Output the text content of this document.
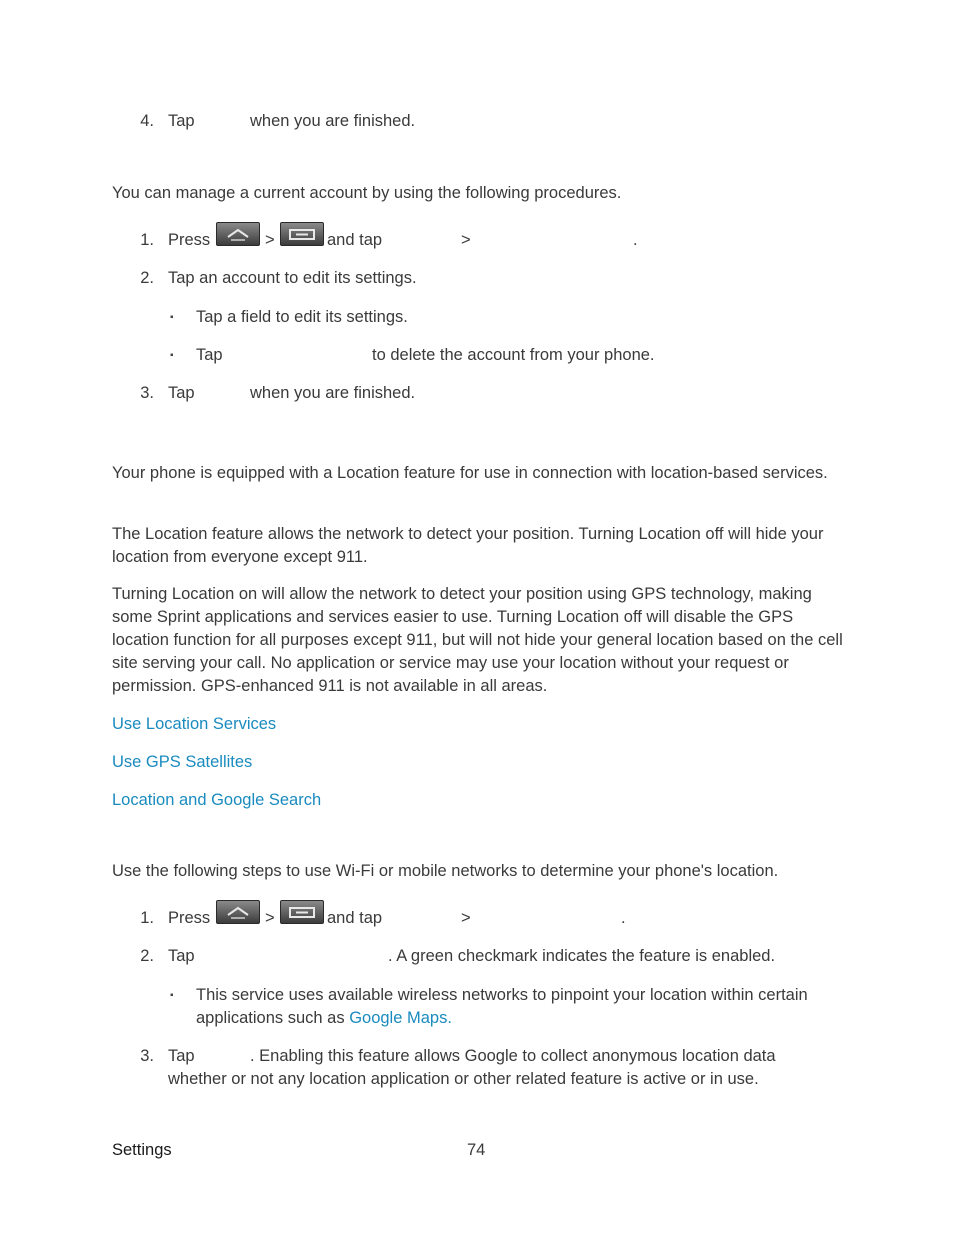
4. Tap	when you are finished.
You can manage a current account by using the following procedures.
1. Press	>	and tap	>	.
2. Tap an account to edit its settings.
▪ Tap a field to edit its settings.
▪ Tap	to delete the account from your phone.
3. Tap	when you are finished.
Your phone is equipped with a Location feature for use in connection with location-based services.
The Location feature allows the network to detect your position. Turning Location off will hide your location from everyone except 911.
Turning Location on will allow the network to detect your position using GPS technology, making some Sprint applications and services easier to use. Turning Location off will disable the GPS location function for all purposes except 911, but will not hide your general location based on the cell site serving your call. No application or service may use your location without your request or permission. GPS-enhanced 911 is not available in all areas.
Use Location Services
Use GPS Satellites
Location and Google Search
Use the following steps to use Wi-Fi or mobile networks to determine your phone's location.
1. Press	>	and tap	>	.
2. Tap	. A green checkmark indicates the feature is enabled.
▪ This service uses available wireless networks to pinpoint your location within certain applications such as Google Maps.
3. Tap	. Enabling this feature allows Google to collect anonymous location data
whether or not any location application or other related feature is active or in use.
Settings	74
